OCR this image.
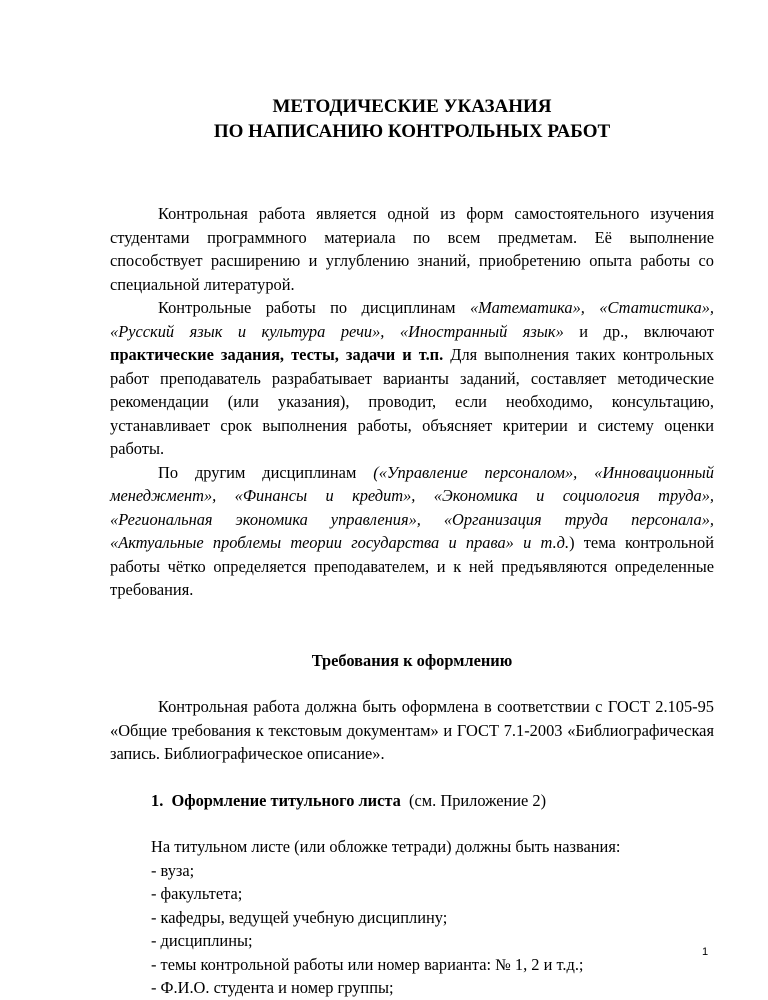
МЕТОДИЧЕСКИЕ УКАЗАНИЯ

ПО НАПИСАНИЮ КОНТРОЛЬНЫХ РАБОТ

Контрольная работа является одной из форм самостоятельного изучения студентами программного материала по всем предметам. Её выполнение способствует расширению и углублению знаний, приобретению опыта работы со специальной литературой.

Контрольные работы по дисциплинам «Математика», «Статистика», «Русский язык и культура речи», «Иностранный язык» и др., включают практические задания, тесты, задачи и т.п. Для выполнения таких контрольных работ преподаватель разрабатывает варианты заданий, составляет методические рекомендации (или указания), проводит, если необходимо, консультацию, устанавливает срок выполнения работы, объясняет критерии и систему оценки работы.

По другим дисциплинам («Управление персоналом», «Инновационный менеджмент», «Финансы и кредит», «Экономика и социология труда», «Региональная экономика управления», «Организация труда персонала», «Актуальные проблемы теории государства и права» и т.д.) тема контрольной работы чётко определяется преподавателем, и к ней предъявляются определенные требования.

Требования к оформлению

Контрольная работа должна быть оформлена в соответствии с ГОСТ 2.105-95 «Общие требования к текстовым документам» и ГОСТ 7.1-2003 «Библиографическая запись. Библиографическое описание».

1.  Оформление титульного листа  (см. Приложение 2)

На титульном листе (или обложке тетради) должны быть названия:
- вуза;
- факультета;
- кафедры, ведущей учебную дисциплину;
- дисциплины;
- темы контрольной работы или номер варианта: № 1, 2 и т.д.;
- Ф.И.О. студента и номер группы;
1
